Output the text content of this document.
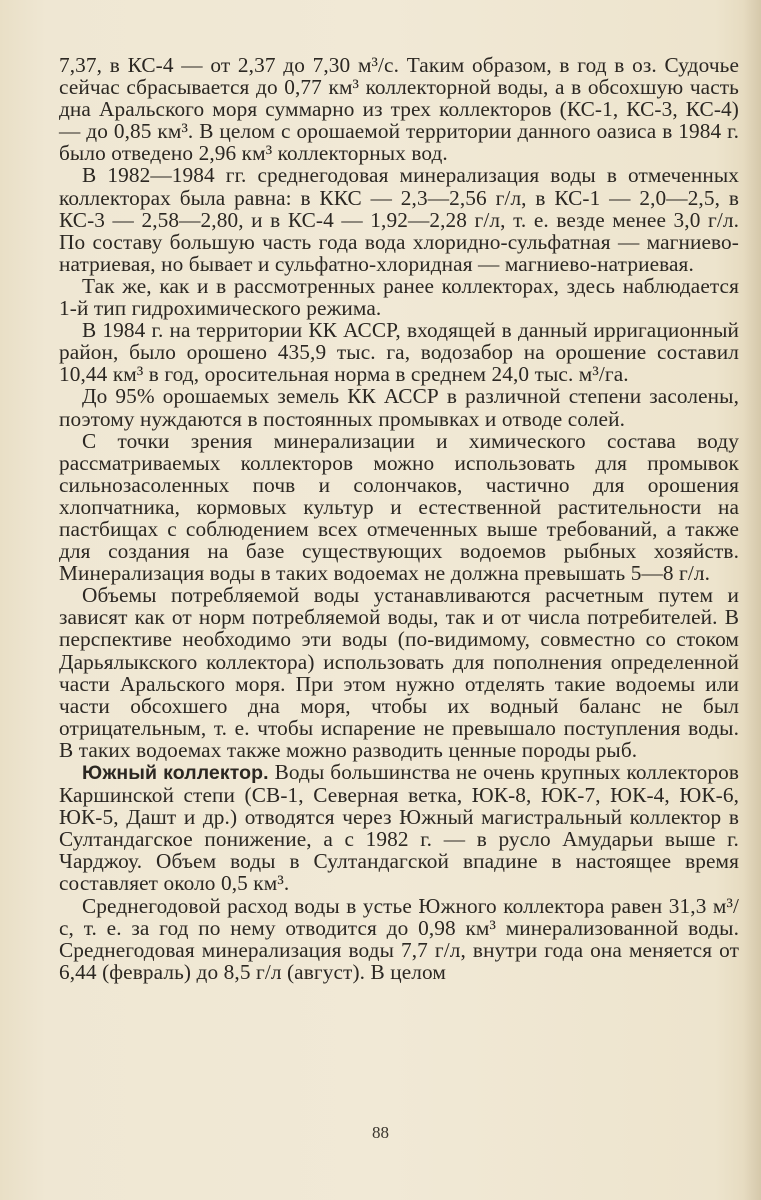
7,37, в КС-4 — от 2,37 до 7,30 м³/с. Таким образом, в год в оз. Судочье сейчас сбрасывается до 0,77 км³ коллекторной воды, а в обсохшую часть дна Аральского моря суммарно из трех коллекторов (КС-1, КС-3, КС-4) — до 0,85 км³. В целом с орошаемой территории данного оазиса в 1984 г. было отведено 2,96 км³ коллекторных вод.

В 1982—1984 гг. среднегодовая минерализация воды в отмеченных коллекторах была равна: в ККС — 2,3—2,56 г/л, в КС-1 — 2,0—2,5, в КС-3 — 2,58—2,80, и в КС-4 — 1,92—2,28 г/л, т. е. везде менее 3,0 г/л. По составу большую часть года вода хлоридно-сульфатная — магниево-натриевая, но бывает и сульфатно-хлоридная — магниево-натриевая.

Так же, как и в рассмотренных ранее коллекторах, здесь наблюдается 1-й тип гидрохимического режима.

В 1984 г. на территории КК АССР, входящей в данный ирригационный район, было орошено 435,9 тыс. га, водозабор на орошение составил 10,44 км³ в год, оросительная норма в среднем 24,0 тыс. м³/га.

До 95% орошаемых земель КК АССР в различной степени засолены, поэтому нуждаются в постоянных промывках и отводе солей.

С точки зрения минерализации и химического состава воду рассматриваемых коллекторов можно использовать для промывок сильнозасоленных почв и солончаков, частично для орошения хлопчатника, кормовых культур и естественной растительности на пастбищах с соблюдением всех отмеченных выше требований, а также для создания на базе существующих водоемов рыбных хозяйств. Минерализация воды в таких водоемах не должна превышать 5—8 г/л.

Объемы потребляемой воды устанавливаются расчетным путем и зависят как от норм потребляемой воды, так и от числа потребителей. В перспективе необходимо эти воды (по-видимому, совместно со стоком Дарьялыкского коллектора) использовать для пополнения определенной части Аральского моря. При этом нужно отделять такие водоемы или части обсохшего дна моря, чтобы их водный баланс не был отрицательным, т. е. чтобы испарение не превышало поступления воды. В таких водоемах также можно разводить ценные породы рыб.

Южный коллектор. Воды большинства не очень крупных коллекторов Каршинской степи (СВ-1, Северная ветка, ЮК-8, ЮК-7, ЮК-4, ЮК-6, ЮК-5, Дашт и др.) отводятся через Южный магистральный коллектор в Султандагское понижение, а с 1982 г. — в русло Амударьи выше г. Чарджоу. Объем воды в Султандагской впадине в настоящее время составляет около 0,5 км³.

Среднегодовой расход воды в устье Южного коллектора равен 31,3 м³/с, т. е. за год по нему отводится до 0,98 км³ минерализованной воды. Среднегодовая минерализация воды 7,7 г/л, внутри года она меняется от 6,44 (февраль) до 8,5 г/л (август). В целом

88
